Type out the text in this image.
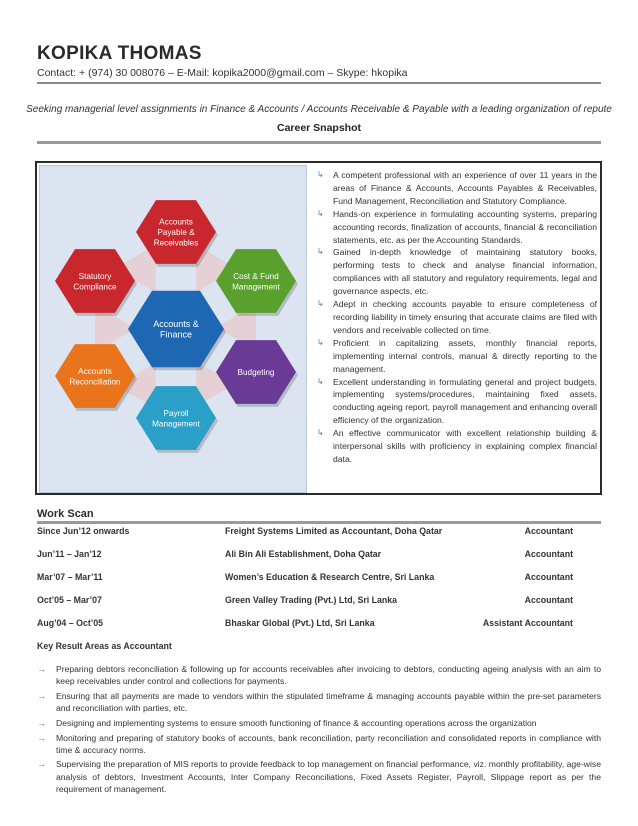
KOPIKA THOMAS
Contact: + (974) 30 008076 – E-Mail: kopika2000@gmail.com – Skype: hkopika
Seeking managerial level assignments in Finance & Accounts / Accounts Receivable & Payable with a leading organization of repute
Career Snapshot
Accounts
Payable &
Receivables
Statutory
Compliance
Cost & Fund
Management
Accounts &
Finance
Accounts
Reconciliation
Budgeting
Payroll
Management
↳ A competent professional with an experience of over 11 years in the areas of Finance & Accounts, Accounts Payables & Receivables, Fund Management, Reconciliation and Statutory Compliance.
↳ Hands-on experience in formulating accounting systems, preparing accounting records, finalization of accounts, financial & reconciliation statements, etc. as per the Accounting Standards.
↳ Gained in-depth knowledge of maintaining statutory books, performing tests to check and analyse financial information, compliances with all statutory and regulatory requirements, legal and governance aspects, etc.
↳ Adept in checking accounts payable to ensure completeness of recording liability in timely ensuring that accurate claims are filed with vendors and receivable collected on time.
↳ Proficient in capitalizing assets, monthly financial reports, implementing internal controls, manual & directly reporting to the management.
↳ Excellent understanding in formulating general and project budgets, implementing systems/procedures, maintaining fixed assets, conducting ageing report, payroll management and enhancing overall efficiency of the organization.
↳ An effective communicator with excellent relationship building & interpersonal skills with proficiency in explaining complex financial data.
Work Scan
Since Jun’12 onwards	Freight Systems Limited as Accountant, Doha Qatar	Accountant
Jun’11 – Jan’12	Ali Bin Ali Establishment, Doha Qatar	Accountant
Mar’07 – Mar’11	Women’s Education & Research Centre, Sri Lanka	Accountant
Oct’05 – Mar’07	Green Valley Trading (Pvt.) Ltd, Sri Lanka	Accountant
Aug’04 – Oct’05	Bhaskar Global (Pvt.) Ltd, Sri Lanka	Assistant Accountant
Key Result Areas as Accountant
→ Preparing debtors reconciliation & following up for accounts receivables after invoicing to debtors, conducting ageing analysis with an aim to keep receivables under control and collections for payments.
→ Ensuring that all payments are made to vendors within the stipulated timeframe & managing accounts payable within the pre-set parameters and reconciliation with parties, etc.
→ Designing and implementing systems to ensure smooth functioning of finance & accounting operations across the organization
→ Monitoring and preparing of statutory books of accounts, bank reconciliation, party reconciliation and consolidated reports in compliance with time & accuracy norms.
→ Supervising the preparation of MIS reports to provide feedback to top management on financial performance, viz. monthly profitability, age-wise analysis of debtors, Investment Accounts, Inter Company Reconciliations, Fixed Assets Register, Payroll, Slippage report as per the requirement of management.
